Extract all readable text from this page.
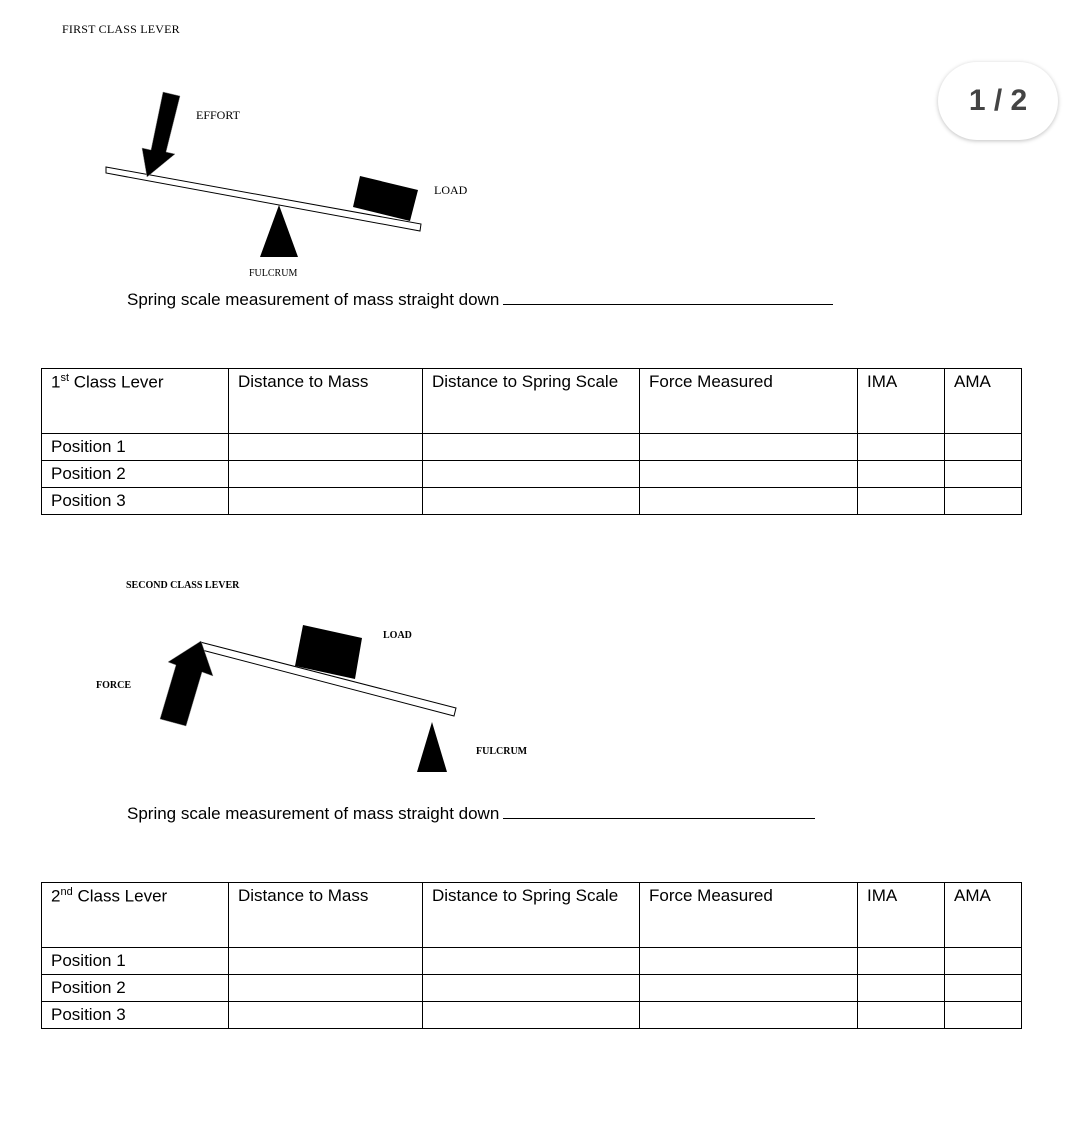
1 / 2
FIRST CLASS LEVER
EFFORT
LOAD
FULCRUM
Spring scale measurement of mass straight down
1st Class Lever	Distance to Mass	Distance to Spring Scale	Force Measured	IMA	AMA
Position 1					
Position 2					
Position 3					
SECOND CLASS LEVER
LOAD
FORCE
FULCRUM
Spring scale measurement of mass straight down
2nd Class Lever	Distance to Mass	Distance to Spring Scale	Force Measured	IMA	AMA
Position 1					
Position 2					
Position 3					
